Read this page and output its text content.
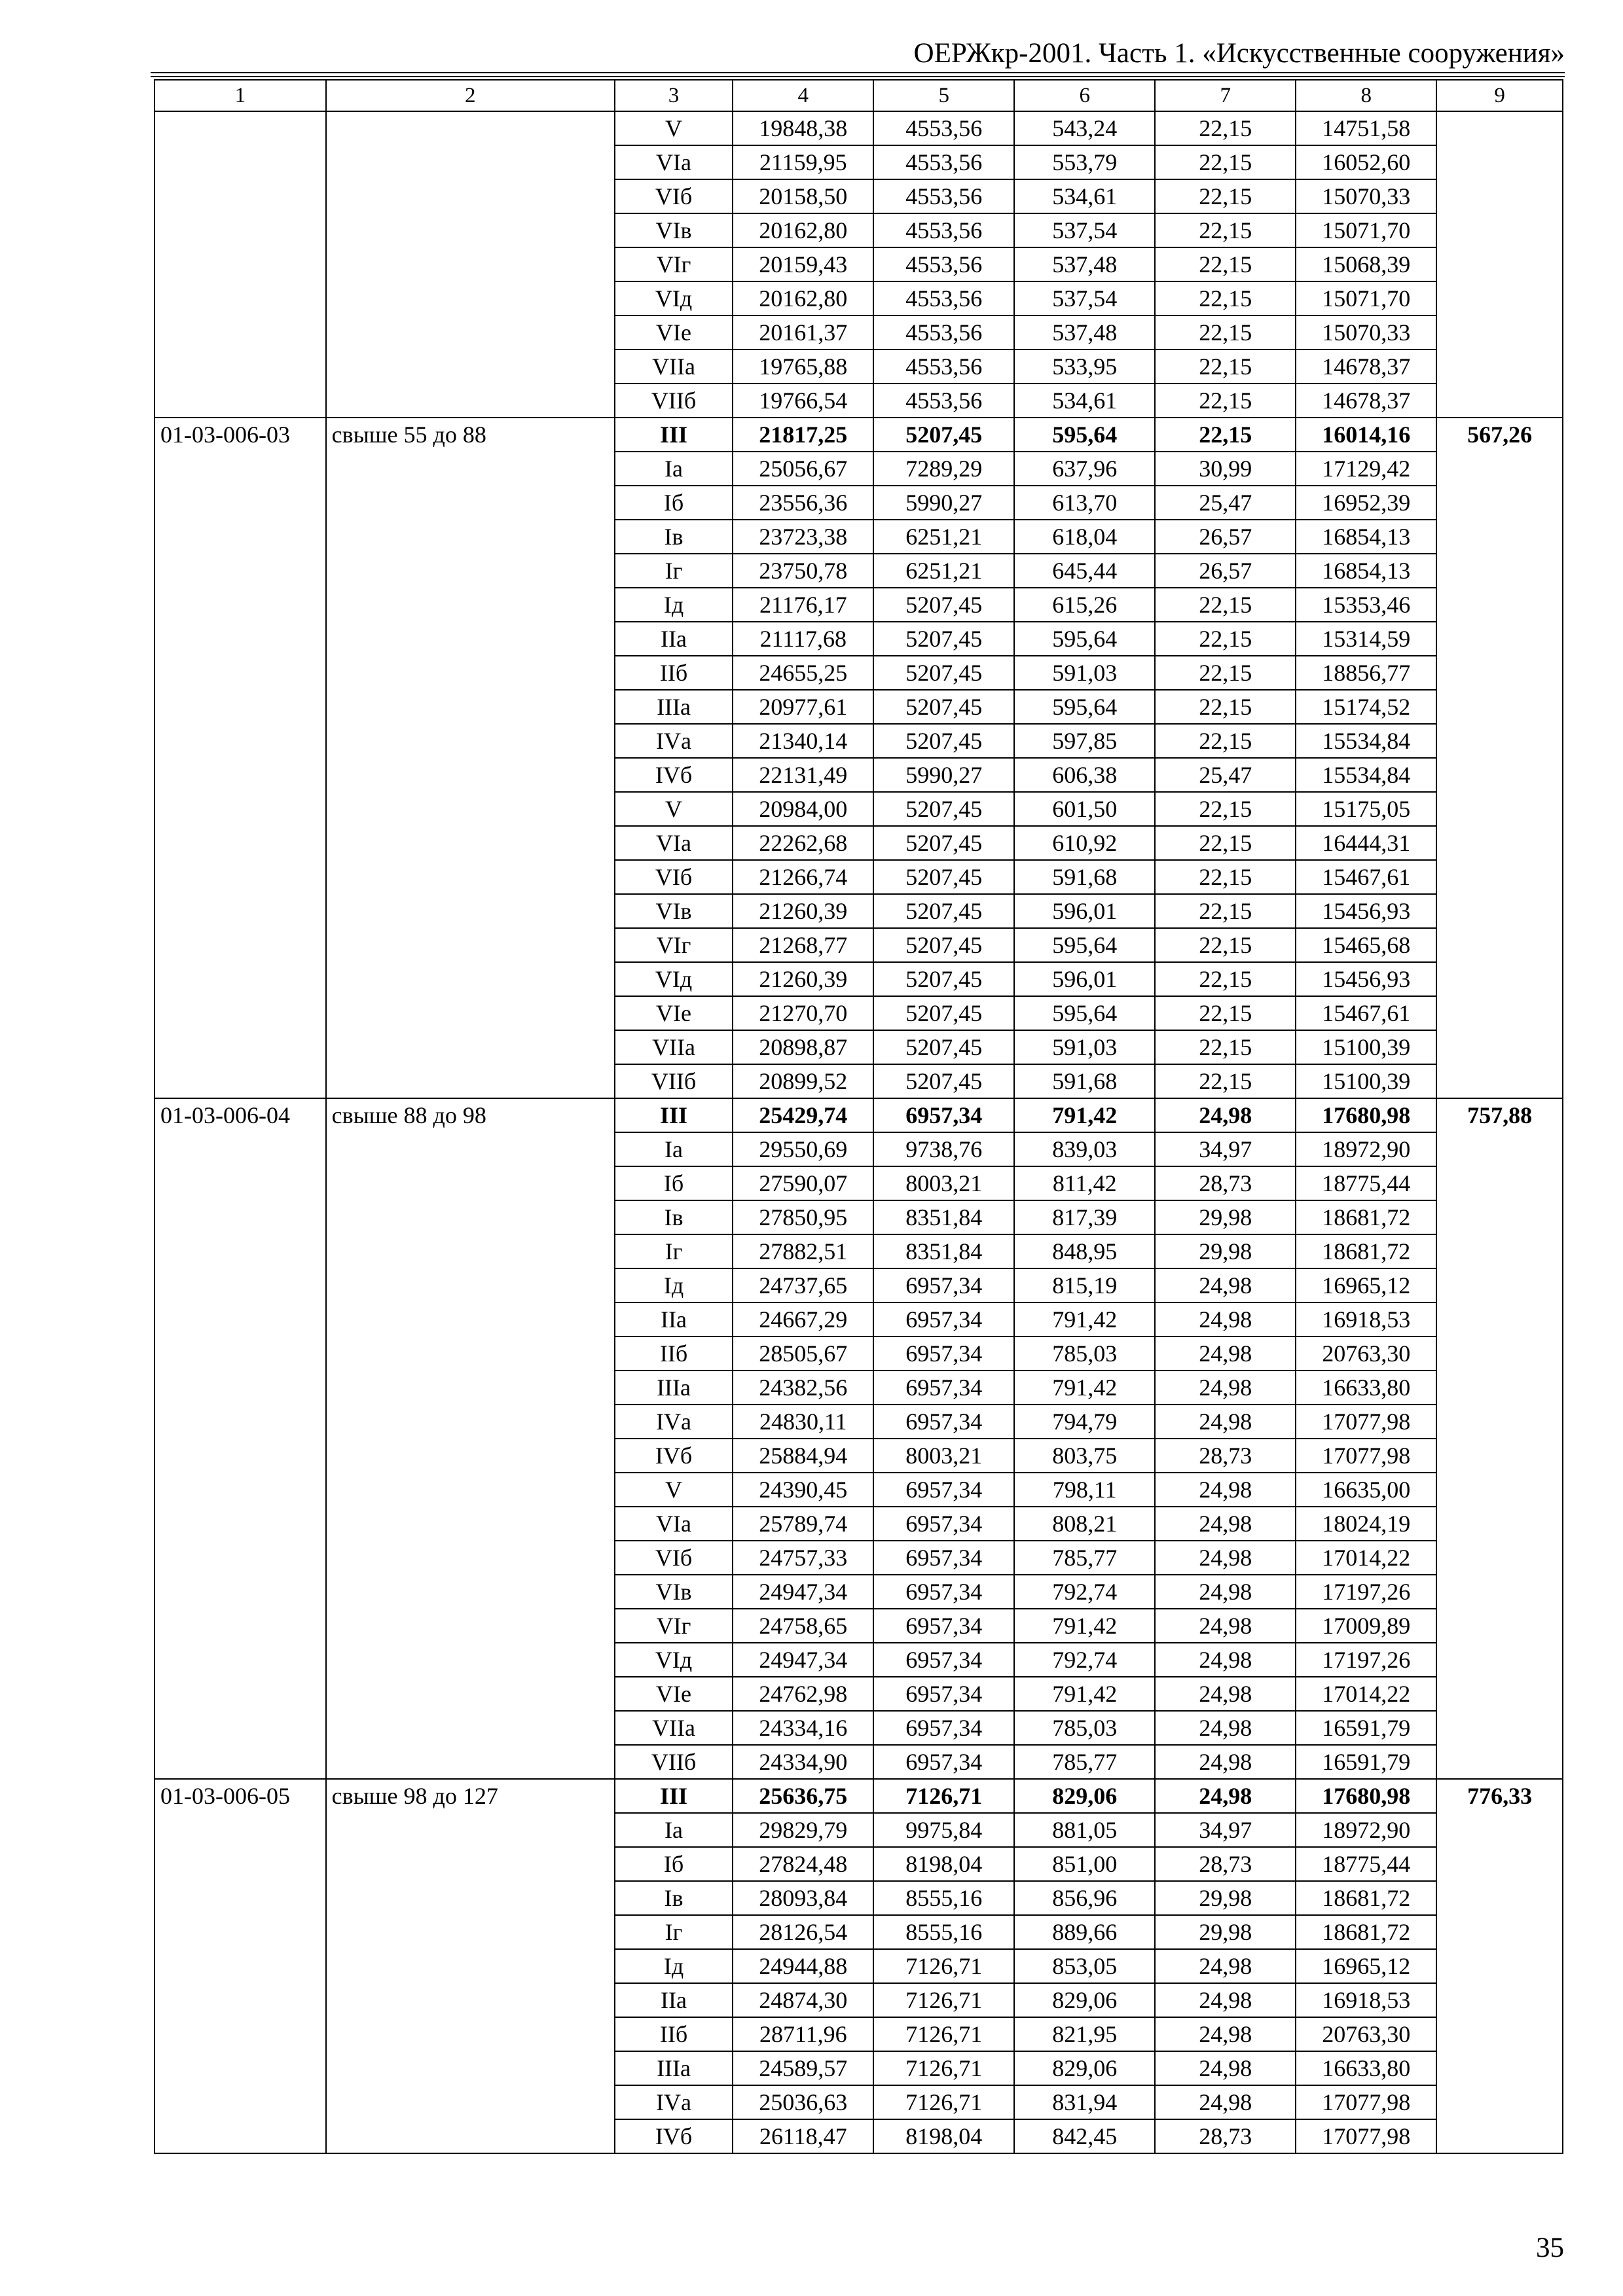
ОЕРЖкр-2001. Часть 1. «Искусственные сооружения»
1	2	3	4	5	6	7	8	9
		V	19848,38	4553,56	543,24	22,15	14751,58	
		VIа	21159,95	4553,56	553,79	22,15	16052,60	
		VIб	20158,50	4553,56	534,61	22,15	15070,33	
		VIв	20162,80	4553,56	537,54	22,15	15071,70	
		VIг	20159,43	4553,56	537,48	22,15	15068,39	
		VIд	20162,80	4553,56	537,54	22,15	15071,70	
		VIе	20161,37	4553,56	537,48	22,15	15070,33	
		VIIа	19765,88	4553,56	533,95	22,15	14678,37	
		VIIб	19766,54	4553,56	534,61	22,15	14678,37	
01-03-006-03	свыше 55 до 88	III	21817,25	5207,45	595,64	22,15	16014,16	567,26
		Iа	25056,67	7289,29	637,96	30,99	17129,42	
		Iб	23556,36	5990,27	613,70	25,47	16952,39	
		Iв	23723,38	6251,21	618,04	26,57	16854,13	
		Iг	23750,78	6251,21	645,44	26,57	16854,13	
		Iд	21176,17	5207,45	615,26	22,15	15353,46	
		IIа	21117,68	5207,45	595,64	22,15	15314,59	
		IIб	24655,25	5207,45	591,03	22,15	18856,77	
		IIIа	20977,61	5207,45	595,64	22,15	15174,52	
		IVа	21340,14	5207,45	597,85	22,15	15534,84	
		IVб	22131,49	5990,27	606,38	25,47	15534,84	
		V	20984,00	5207,45	601,50	22,15	15175,05	
		VIа	22262,68	5207,45	610,92	22,15	16444,31	
		VIб	21266,74	5207,45	591,68	22,15	15467,61	
		VIв	21260,39	5207,45	596,01	22,15	15456,93	
		VIг	21268,77	5207,45	595,64	22,15	15465,68	
		VIд	21260,39	5207,45	596,01	22,15	15456,93	
		VIе	21270,70	5207,45	595,64	22,15	15467,61	
		VIIа	20898,87	5207,45	591,03	22,15	15100,39	
		VIIб	20899,52	5207,45	591,68	22,15	15100,39	
01-03-006-04	свыше 88 до 98	III	25429,74	6957,34	791,42	24,98	17680,98	757,88
		Iа	29550,69	9738,76	839,03	34,97	18972,90	
		Iб	27590,07	8003,21	811,42	28,73	18775,44	
		Iв	27850,95	8351,84	817,39	29,98	18681,72	
		Iг	27882,51	8351,84	848,95	29,98	18681,72	
		Iд	24737,65	6957,34	815,19	24,98	16965,12	
		IIа	24667,29	6957,34	791,42	24,98	16918,53	
		IIб	28505,67	6957,34	785,03	24,98	20763,30	
		IIIа	24382,56	6957,34	791,42	24,98	16633,80	
		IVа	24830,11	6957,34	794,79	24,98	17077,98	
		IVб	25884,94	8003,21	803,75	28,73	17077,98	
		V	24390,45	6957,34	798,11	24,98	16635,00	
		VIа	25789,74	6957,34	808,21	24,98	18024,19	
		VIб	24757,33	6957,34	785,77	24,98	17014,22	
		VIв	24947,34	6957,34	792,74	24,98	17197,26	
		VIг	24758,65	6957,34	791,42	24,98	17009,89	
		VIд	24947,34	6957,34	792,74	24,98	17197,26	
		VIе	24762,98	6957,34	791,42	24,98	17014,22	
		VIIа	24334,16	6957,34	785,03	24,98	16591,79	
		VIIб	24334,90	6957,34	785,77	24,98	16591,79	
01-03-006-05	свыше 98 до 127	III	25636,75	7126,71	829,06	24,98	17680,98	776,33
		Iа	29829,79	9975,84	881,05	34,97	18972,90	
		Iб	27824,48	8198,04	851,00	28,73	18775,44	
		Iв	28093,84	8555,16	856,96	29,98	18681,72	
		Iг	28126,54	8555,16	889,66	29,98	18681,72	
		Iд	24944,88	7126,71	853,05	24,98	16965,12	
		IIа	24874,30	7126,71	829,06	24,98	16918,53	
		IIб	28711,96	7126,71	821,95	24,98	20763,30	
		IIIа	24589,57	7126,71	829,06	24,98	16633,80	
		IVа	25036,63	7126,71	831,94	24,98	17077,98	
		IVб	26118,47	8198,04	842,45	28,73	17077,98	
35
